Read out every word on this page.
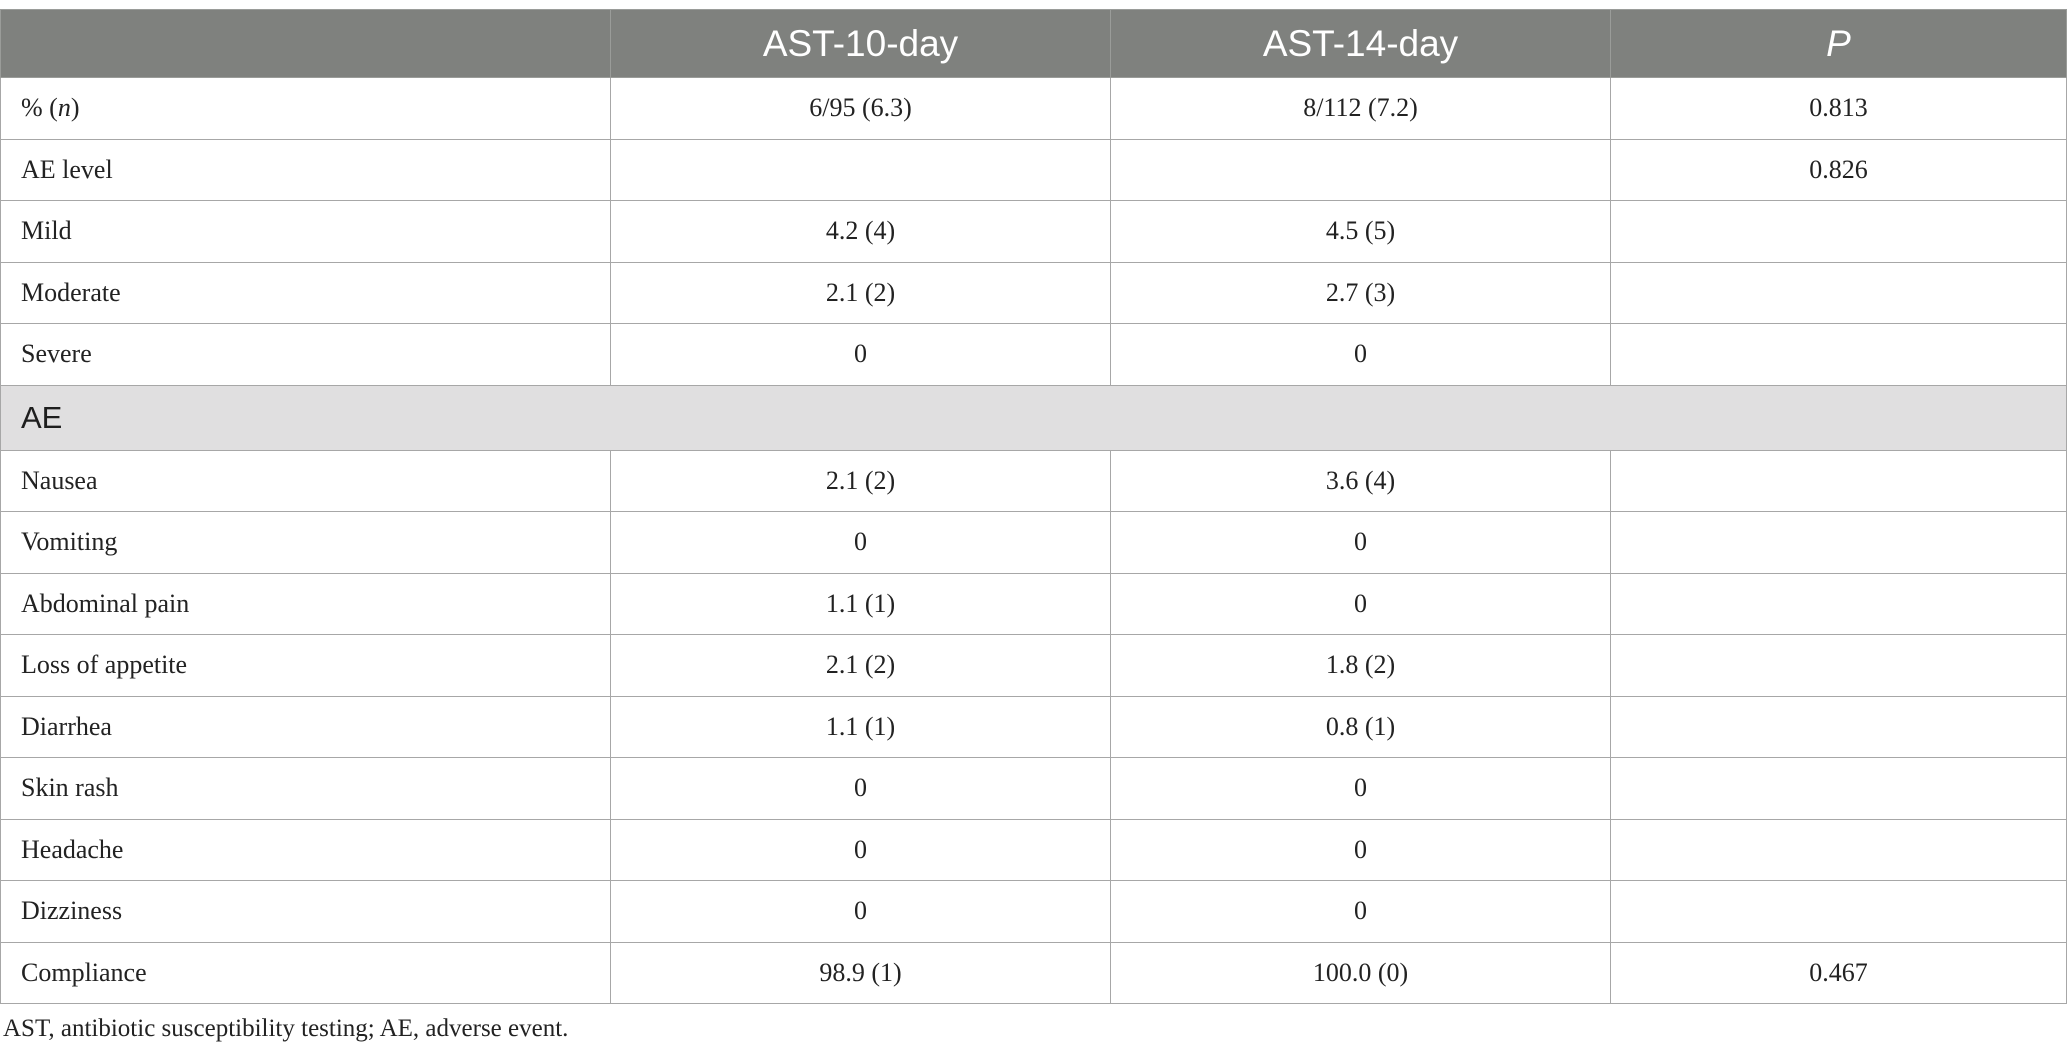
	AST-10-day	AST-14-day	P
% (n)	6/95 (6.3)	8/112 (7.2)	0.813
AE level			0.826
Mild	4.2 (4)	4.5 (5)	
Moderate	2.1 (2)	2.7 (3)	
Severe	0	0	
AE			
Nausea	2.1 (2)	3.6 (4)	
Vomiting	0	0	
Abdominal pain	1.1 (1)	0	
Loss of appetite	2.1 (2)	1.8 (2)	
Diarrhea	1.1 (1)	0.8 (1)	
Skin rash	0	0	
Headache	0	0	
Dizziness	0	0	
Compliance	98.9 (1)	100.0 (0)	0.467
AST, antibiotic susceptibility testing; AE, adverse event.
